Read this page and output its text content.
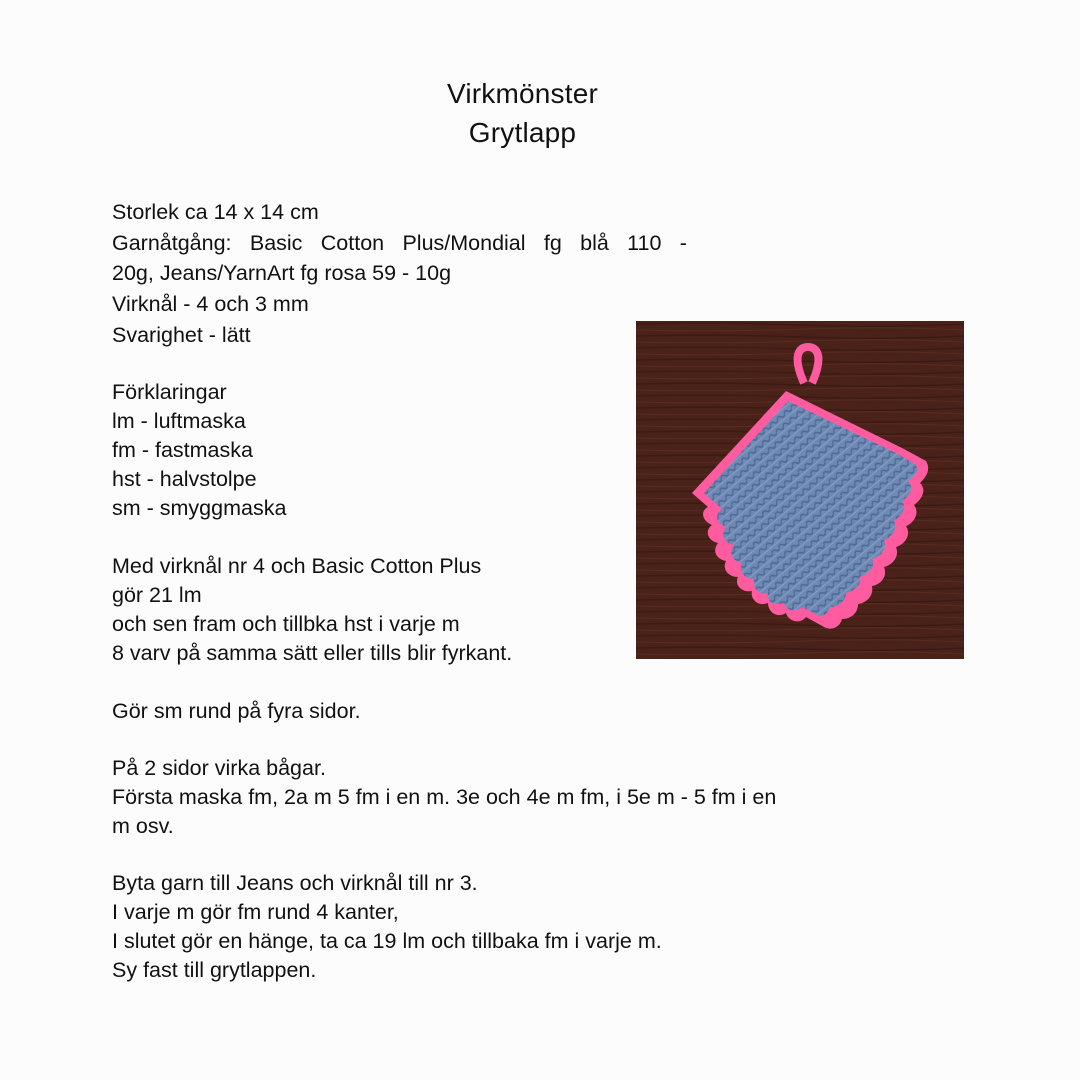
Virkmönster
Grytlapp
Storlek ca 14 x 14 cm
Garnåtgång: Basic Cotton Plus/Mondial fg blå 110 -
20g, Jeans/YarnArt fg rosa 59 - 10g
Virknål - 4 och 3 mm
Svarighet - lätt
Förklaringar
lm - luftmaska
fm - fastmaska
hst - halvstolpe
sm - smyggmaska
Med virknål nr 4 och Basic Cotton Plus
gör 21 lm
och sen fram och tillbka hst i varje m
8 varv på samma sätt eller tills blir fyrkant.
Gör sm rund på fyra sidor.
På 2 sidor virka bågar.
Första maska fm, 2a m 5 fm i en m. 3e och 4e m fm, i 5e m - 5 fm i en
m osv.
Byta garn till Jeans och virknål till nr 3.
I varje m gör fm rund 4 kanter,
I slutet gör en hänge, ta ca 19 lm och tillbaka fm i varje m.
Sy fast till grytlappen.
